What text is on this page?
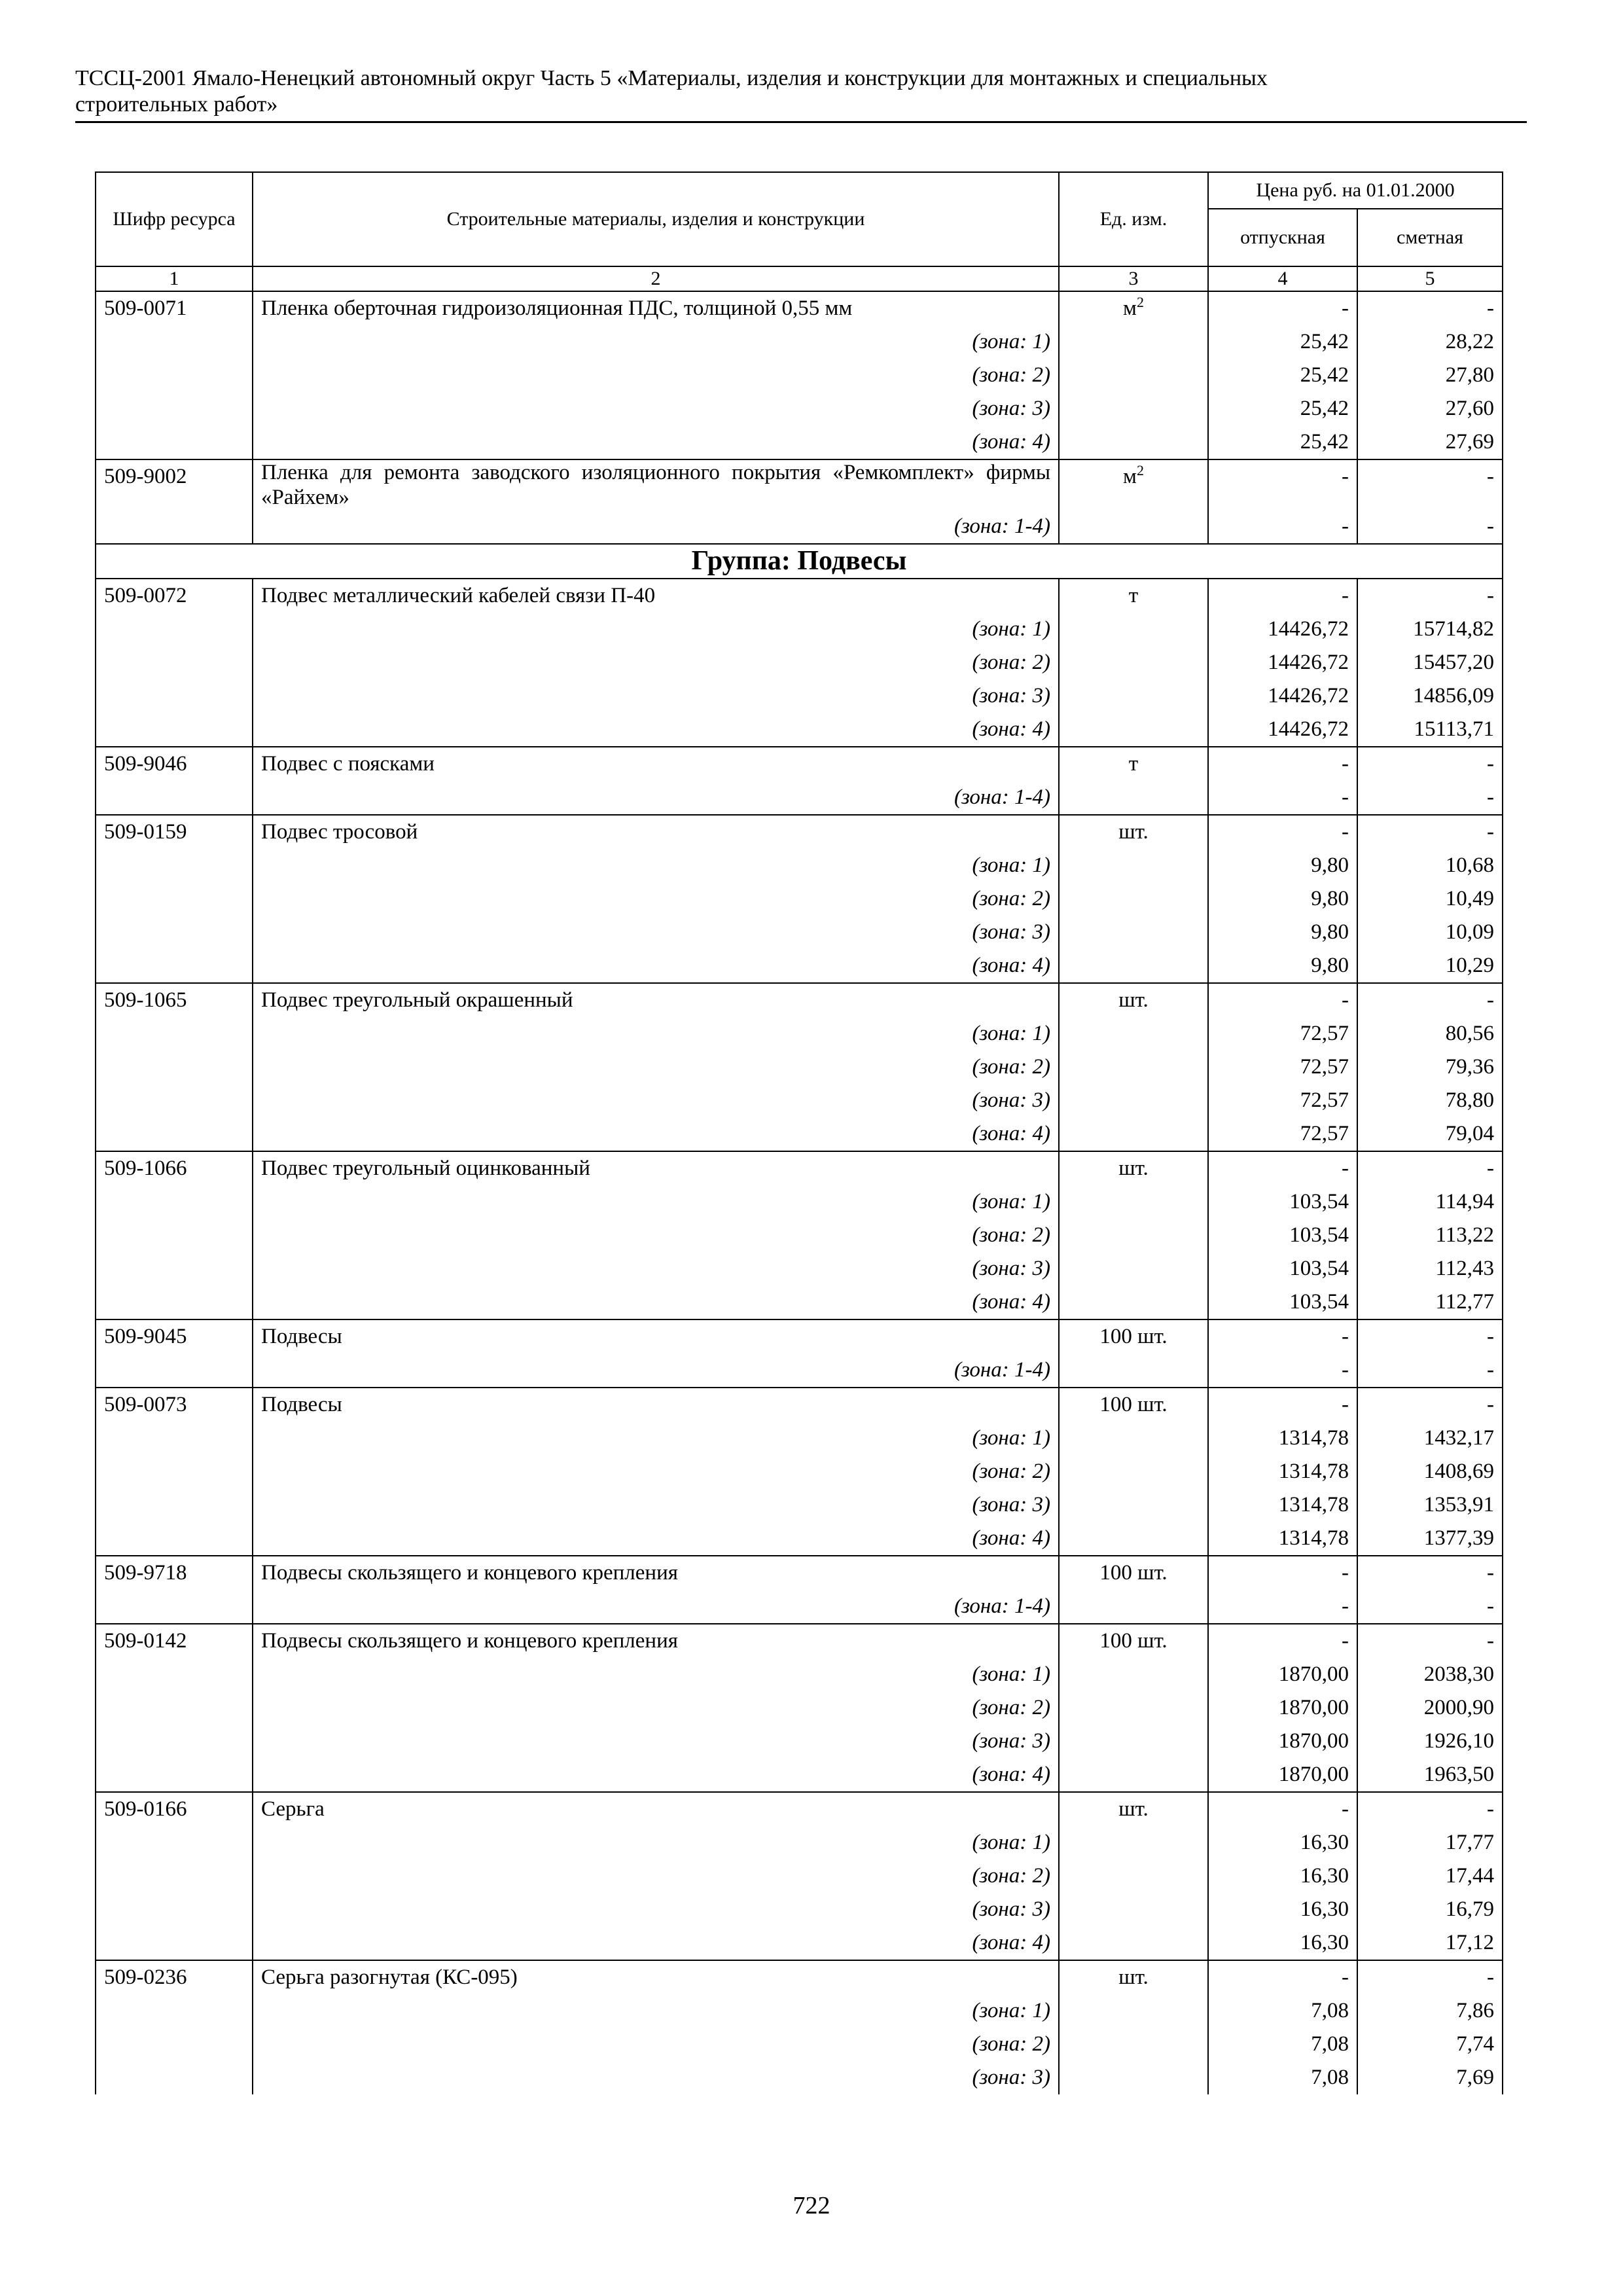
ТССЦ-2001 Ямало-Ненецкий автономный округ Часть 5 «Материалы, изделия и конструкции для монтажных и специальных
строительных работ»
Шифр ресурса	Строительные материалы, изделия и конструкции	Ед. изм.	Цена руб. на 01.01.2000	
			отпускная	сметная
1	2	3	4	5
509-0071	Пленка оберточная гидроизоляционная ПДС, толщиной 0,55 мм	$м^2$	-	-
	(зона: 1)		25,42	28,22
	(зона: 2)		25,42	27,80
	(зона: 3)		25,42	27,60
	(зона: 4)		25,42	27,69
509-9002	Пленка для ремонта заводского изоляционного покрытия «Ремкомплект» фирмы «Райхем»	$м^2$	-	-
	(зона: 1-4)		-	-
Группа: Подвесы				
509-0072	Подвес металлический кабелей связи П-40	т	-	-
	(зона: 1)		14426,72	15714,82
	(зона: 2)		14426,72	15457,20
	(зона: 3)		14426,72	14856,09
	(зона: 4)		14426,72	15113,71
509-9046	Подвес с поясками	т	-	-
	(зона: 1-4)		-	-
509-0159	Подвес тросовой	шт.	-	-
	(зона: 1)		9,80	10,68
	(зона: 2)		9,80	10,49
	(зона: 3)		9,80	10,09
	(зона: 4)		9,80	10,29
509-1065	Подвес треугольный окрашенный	шт.	-	-
	(зона: 1)		72,57	80,56
	(зона: 2)		72,57	79,36
	(зона: 3)		72,57	78,80
	(зона: 4)		72,57	79,04
509-1066	Подвес треугольный оцинкованный	шт.	-	-
	(зона: 1)		103,54	114,94
	(зона: 2)		103,54	113,22
	(зона: 3)		103,54	112,43
	(зона: 4)		103,54	112,77
509-9045	Подвесы	100 шт.	-	-
	(зона: 1-4)		-	-
509-0073	Подвесы	100 шт.	-	-
	(зона: 1)		1314,78	1432,17
	(зона: 2)		1314,78	1408,69
	(зона: 3)		1314,78	1353,91
	(зона: 4)		1314,78	1377,39
509-9718	Подвесы скользящего и концевого крепления	100 шт.	-	-
	(зона: 1-4)		-	-
509-0142	Подвесы скользящего и концевого крепления	100 шт.	-	-
	(зона: 1)		1870,00	2038,30
	(зона: 2)		1870,00	2000,90
	(зона: 3)		1870,00	1926,10
	(зона: 4)		1870,00	1963,50
509-0166	Серьга	шт.	-	-
	(зона: 1)		16,30	17,77
	(зона: 2)		16,30	17,44
	(зона: 3)		16,30	16,79
	(зона: 4)		16,30	17,12
509-0236	Серьга разогнутая (КС-095)	шт.	-	-
	(зона: 1)		7,08	7,86
	(зона: 2)		7,08	7,74
	(зона: 3)		7,08	7,69
722
